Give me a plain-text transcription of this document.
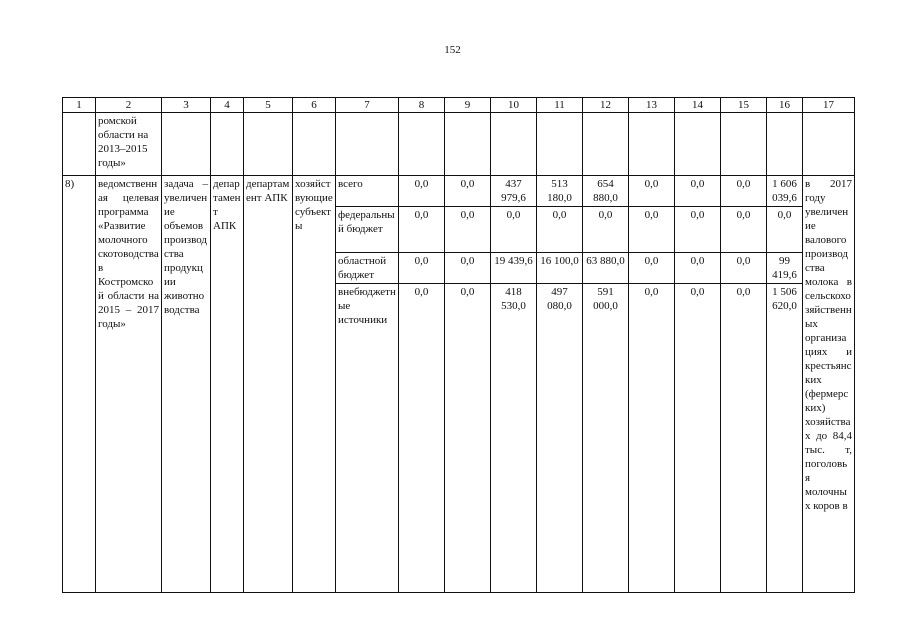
152
1	2	3	4	5	6	7	8	9	10	11	12	13	14	15	16	17
	ромской области на 2013–2015 годы»															
8)	ведомственная целевая программа «Развитие молочного скотоводства в Костромской области на 2015 – 2017 годы»	задача – увеличение объемов производства продукции животноводства	департамент АПК	департамент АПК	хозяйствующие субъекты	всего	0,0	0,0	437 979,6	513 180,0	654 880,0	0,0	0,0	0,0	1 606 039,6	в 2017 году увеличение валового производства молока в сельскохозяйственных организациях и крестьянских (фермерских) хозяйствах до 84,4 тыс. т, поголовья молочных коров в
						федеральный бюджет	0,0	0,0	0,0	0,0	0,0	0,0	0,0	0,0	0,0	
						областной бюджет	0,0	0,0	19 439,6	16 100,0	63 880,0	0,0	0,0	0,0	99 419,6	
						внебюджетные источники	0,0	0,0	418 530,0	497 080,0	591 000,0	0,0	0,0	0,0	1 506 620,0	
